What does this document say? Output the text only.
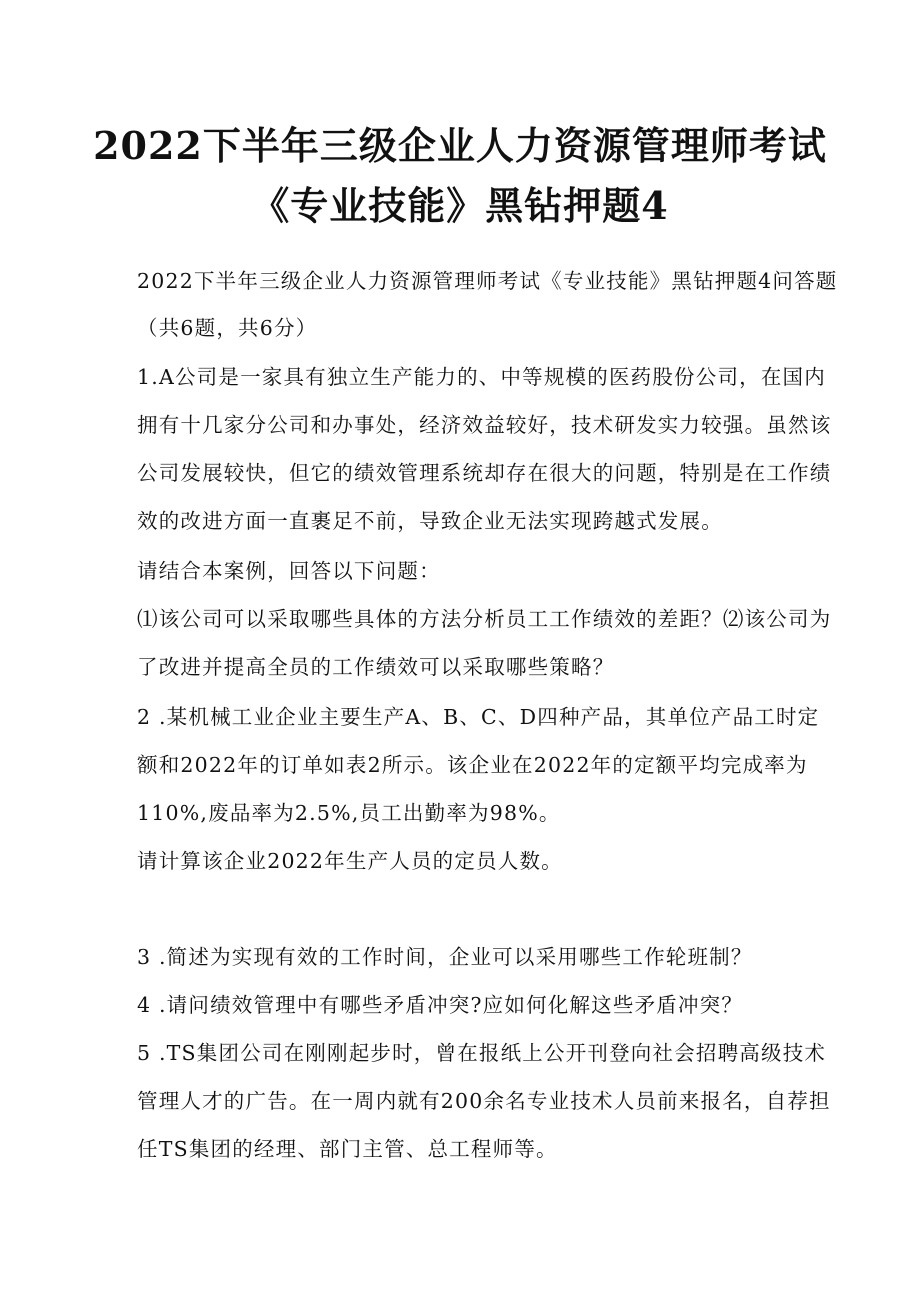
2022下半年三级企业人力资源管理师考试
《专业技能》黑钻押题4
2022下半年三级企业人力资源管理师考试《专业技能》黑钻押题4问答题
（共6题，共6分）
1.A公司是一家具有独立生产能力的、中等规模的医药股份公司，在国内
拥有十几家分公司和办事处，经济效益较好，技术研发实力较强。虽然该
公司发展较快，但它的绩效管理系统却存在很大的问题，特别是在工作绩
效的改进方面一直裹足不前，导致企业无法实现跨越式发展。
请结合本案例，回答以下问题：
⑴该公司可以采取哪些具体的方法分析员工工作绩效的差距？⑵该公司为
了改进并提高全员的工作绩效可以采取哪些策略？
2 .某机械工业企业主要生产A、B、C、D四种产品，其单位产品工时定
额和2022年的订单如表2所示。该企业在2022年的定额平均完成率为
110%,废品率为2.5%,员工出勤率为98%。
请计算该企业2022年生产人员的定员人数。
3 .简述为实现有效的工作时间，企业可以采用哪些工作轮班制？
4 .请问绩效管理中有哪些矛盾冲突?应如何化解这些矛盾冲突？
5 .TS集团公司在刚刚起步时，曾在报纸上公开刊登向社会招聘高级技术
管理人才的广告。在一周内就有200余名专业技术人员前来报名，自荐担
任TS集团的经理、部门主管、总工程师等。
